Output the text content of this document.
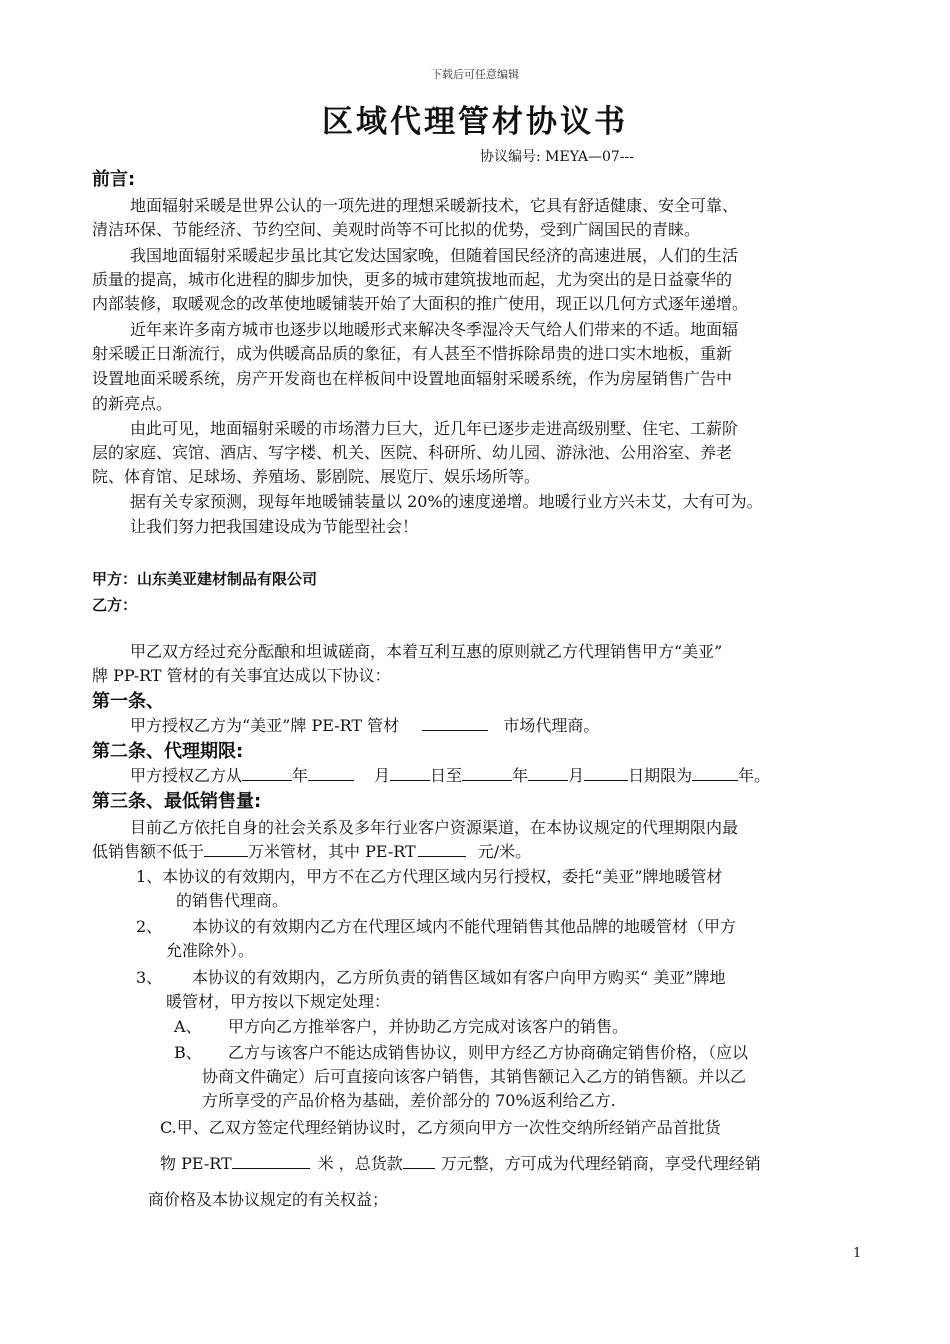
下载后可任意编辑
区域代理管材协议书
协议编号: MEYA—07---
前言:
地面辐射采暖是世界公认的一项先进的理想采暖新技术，它具有舒适健康、安全可靠、
清洁环保、节能经济、节约空间、美观时尚等不可比拟的优势，受到广阔国民的青睐。
我国地面辐射采暖起步虽比其它发达国家晚，但随着国民经济的高速进展，人们的生活
质量的提高，城市化进程的脚步加快，更多的城市建筑拔地而起，尤为突出的是日益豪华的
内部装修，取暖观念的改革使地暖铺装开始了大面积的推广使用，现正以几何方式逐年递增。
近年来许多南方城市也逐步以地暖形式来解决冬季湿冷天气给人们带来的不适。地面辐
射采暖正日渐流行，成为供暖高品质的象征，有人甚至不惜拆除昂贵的进口实木地板，重新
设置地面采暖系统，房产开发商也在样板间中设置地面辐射采暖系统，作为房屋销售广告中
的新亮点。
由此可见，地面辐射采暖的市场潜力巨大，近几年已逐步走进高级别墅、住宅、工薪阶
层的家庭、宾馆、酒店、写字楼、机关、医院、科研所、幼儿园、游泳池、公用浴室、养老
院、体育馆、足球场、养殖场、影剧院、展览厅、娱乐场所等。
据有关专家预测，现每年地暖铺装量以 20%的速度递增。地暖行业方兴未艾，大有可为。
让我们努力把我国建设成为节能型社会！
甲方：山东美亚建材制品有限公司
乙方：
甲乙双方经过充分酝酿和坦诚磋商，本着互利互惠的原则就乙方代理销售甲方“美亚”
牌 PP-RT 管材的有关事宜达成以下协议：
第一条、
甲方授权乙方为“美亚”牌 PE-RT 管材	市场代理商。
第二条、代理期限:
甲方授权乙方从	年	月	日至	年	月	日期限为	年。
第三条、最低销售量:
目前乙方依托自身的社会关系及多年行业客户资源渠道，在本协议规定的代理期限内最
低销售额不低于	万米管材，其中 PE-RT	元/米。
1、本协议的有效期内，甲方不在乙方代理区域内另行授权，委托“美亚”牌地暖管材
的销售代理商。
2、	本协议的有效期内乙方在代理区域内不能代理销售其他品牌的地暖管材（甲方
允准除外）。
3、	本协议的有效期内，乙方所负责的销售区域如有客户向甲方购买“ 美亚”牌地
暖管材，甲方按以下规定处理：
A、	甲方向乙方推举客户，并协助乙方完成对该客户的销售。
B、	乙方与该客户不能达成销售协议，则甲方经乙方协商确定销售价格，（应以
协商文件确定）后可直接向该客户销售，其销售额记入乙方的销售额。并以乙
方所享受的产品价格为基础，差价部分的 70%返利给乙方.
C.甲、乙双方签定代理经销协议时，乙方须向甲方一次性交纳所经销产品首批货
物 PE-RT	米 ，总货款 万元整，方可成为代理经销商，享受代理经销
商价格及本协议规定的有关权益；
1
